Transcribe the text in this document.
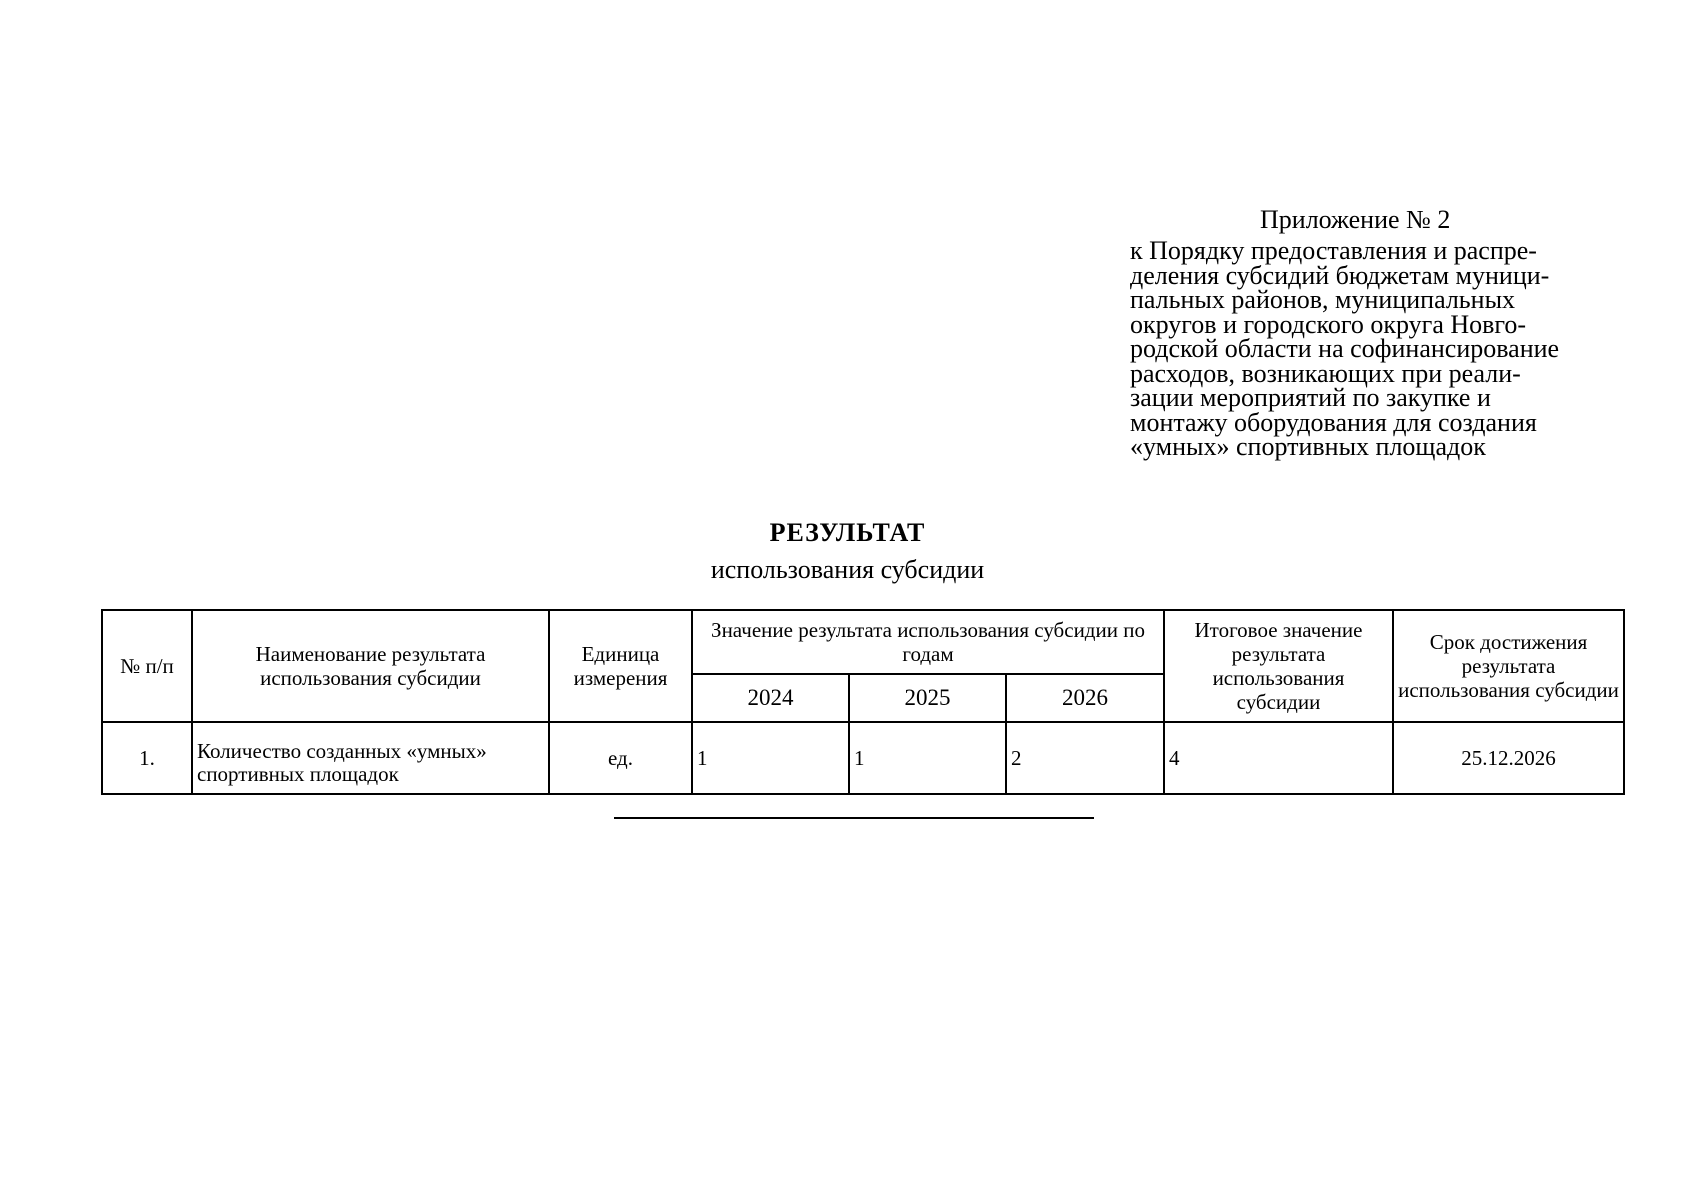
Приложение № 2
к Порядку предоставления и распре-
деления субсидий бюджетам муници-
пальных районов, муниципальных
округов и городского округа Новго-
родской области на софинансирование
расходов, возникающих при реали-
зации мероприятий по закупке и
монтажу оборудования для создания
«умных» спортивных площадок
РЕЗУЛЬТАТ
использования субсидии
№ п/п	Наименование результата использования субсидии	Единица измерения	Значение результата использования субсидии по годам			Итоговое значение результата использования субсидии	Срок достижения результата использования субсидии
			2024	2025	2026		
1.	Количество созданных «умных» спортивных площадок	ед.	1	1	2	4	25.12.2026
